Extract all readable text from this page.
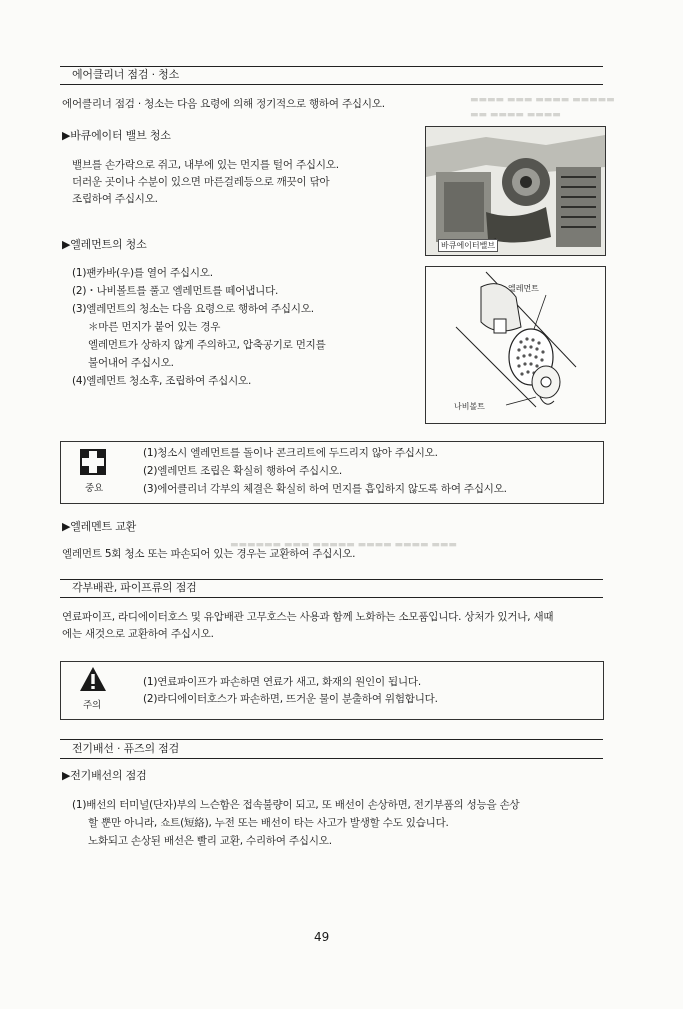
▬▬▬▬ ▬▬▬ ▬▬▬▬ ▬▬▬▬▬
▬▬ ▬▬▬▬ ▬▬▬▬
▬▬▬▬▬▬ ▬▬▬ ▬▬▬▬▬ ▬▬▬▬ ▬▬▬▬ ▬▬▬
에어클리너 점검 · 청소
에어클리너 점검 · 청소는 다음 요령에 의해 정기적으로 행하여 주십시오.
▶바큐에이터 밸브 청소
밸브를 손가락으로 쥐고, 내부에 있는 먼지를 털어 주십시오.
더러운 곳이나 수분이 있으면 마른걸레등으로 깨끗이 닦아
조립하여 주십시오.
바큐에이터밸브
▶엘레먼트의 청소
(1)팬카바(우)를 열어 주십시오.
(2)・나비볼트를 풀고 엘레먼트를 떼어냅니다.
(3)엘레먼트의 청소는 다음 요령으로 행하여 주십시오.
＊마른 먼지가 붙어 있는 경우
엘레먼트가 상하지 않게 주의하고, 압축공기로 먼지를
불어내어 주십시오.
(4)엘레먼트 청소후, 조립하여 주십시오.
엘레먼트
나비볼트
중요
(1)청소시 엘레먼트를 돌이나 콘크리트에 두드리지 않아 주십시오.
(2)엘레먼트 조립은 확실히 행하여 주십시오.
(3)에어클리너 각부의 체결은 확실히 하여 먼지를 흡입하지 않도록 하여 주십시오.
▶엘레멘트 교환
엘레먼트 5회 청소 또는 파손되어 있는 경우는 교환하여 주십시오.
각부배관, 파이프류의 점검
연료파이프, 라디에이터호스 및 유압배관 고무호스는 사용과 함께 노화하는 소모품입니다. 상처가 있거나, 새때
에는 새것으로 교환하여 주십시오.
주의
(1)연료파이프가 파손하면 연료가 새고, 화재의 원인이 됩니다.
(2)라디에이터호스가 파손하면, 뜨거운 물이 분출하여 위험합니다.
전기배선 · 퓨즈의 점검
▶전기배선의 점검
(1)배선의 터미널(단자)부의 느슨함은 접속불량이 되고, 또 배선이 손상하면, 전기부품의 성능을 손상
할 뿐만 아니라, 쇼트(短絡), 누전 또는 배선이 타는 사고가 발생할 수도 있습니다.
노화되고 손상된 배선은 빨리 교환, 수리하여 주십시오.
49
